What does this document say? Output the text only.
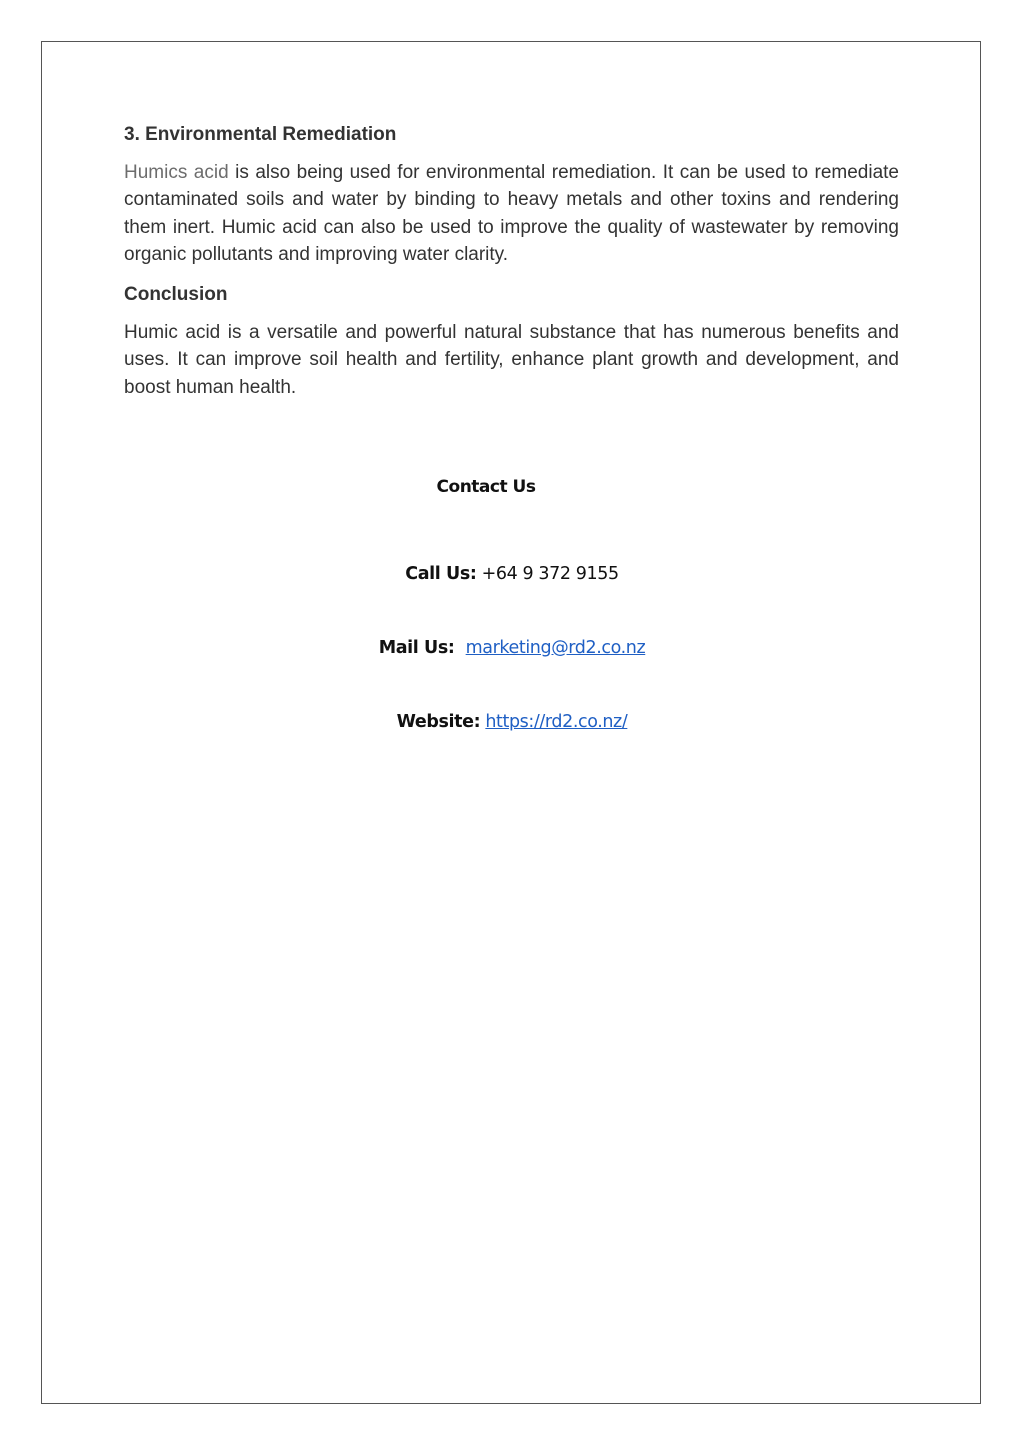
3. Environmental Remediation

Humics acid is also being used for environmental remediation. It can be used to remediate contaminated soils and water by binding to heavy metals and other toxins and rendering them inert. Humic acid can also be used to improve the quality of wastewater by removing organic pollutants and improving water clarity.

Conclusion

Humic acid is a versatile and powerful natural substance that has numerous benefits and uses. It can improve soil health and fertility, enhance plant growth and development, and boost human health.

Contact Us
Call Us: +64 9 372 9155
Mail Us: marketing@rd2.co.nz
Website: https://rd2.co.nz/
